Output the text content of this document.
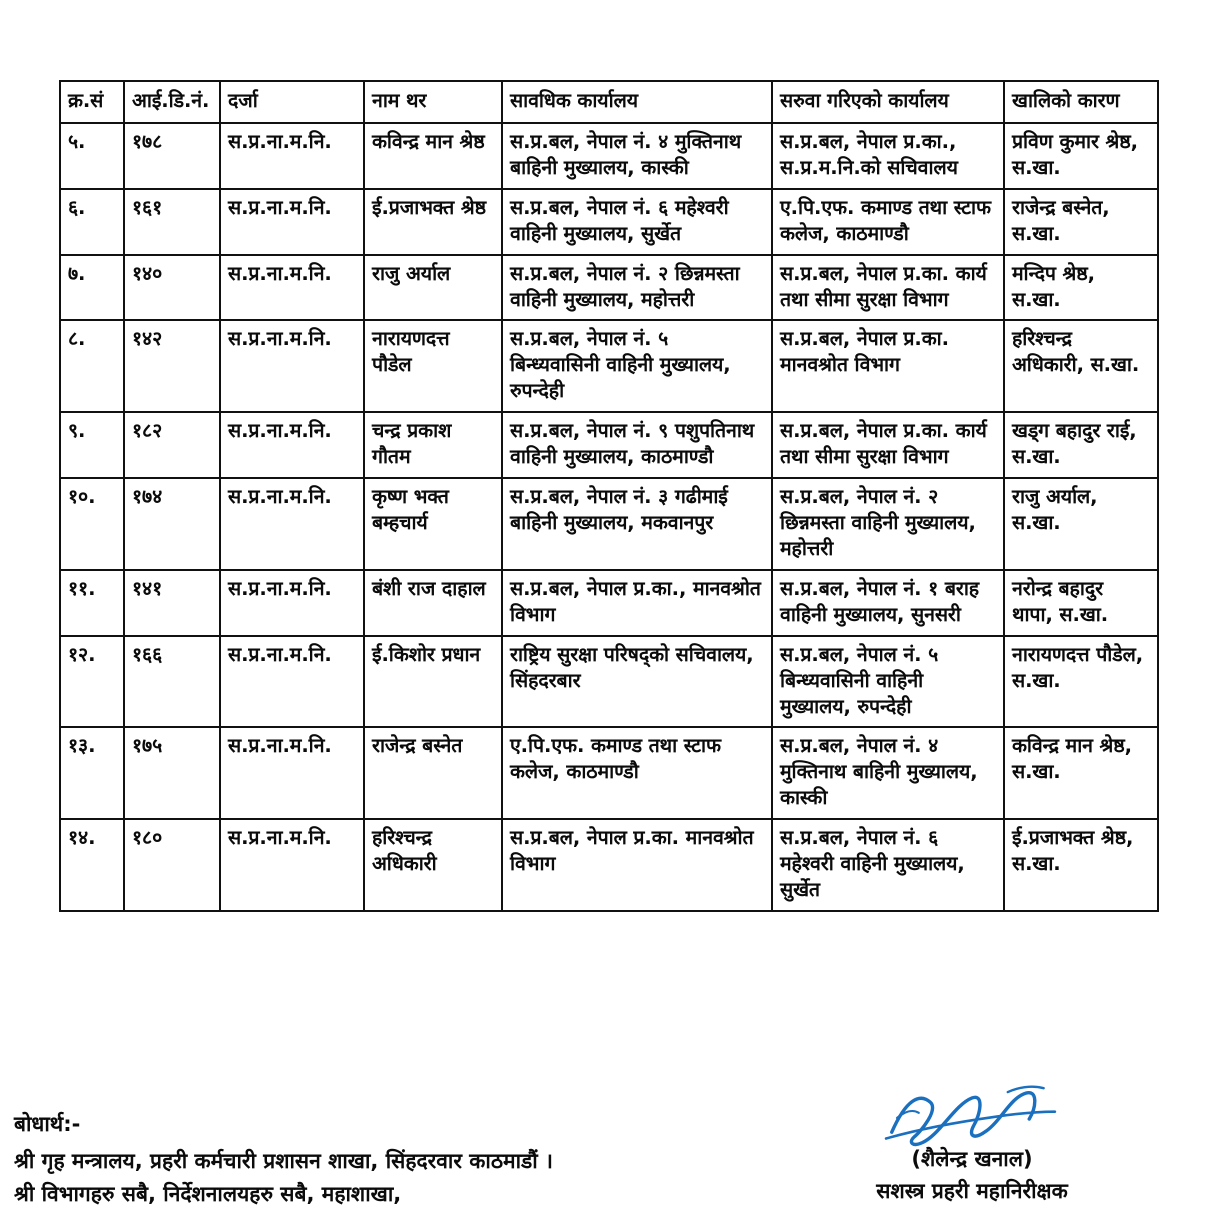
क्र.सं	आई.डि.नं.	दर्जा	नाम थर	सावधिक कार्यालय	सरुवा गरिएको कार्यालय	खालिको कारण
५.	१७८	स.प्र.ना.म.नि.	कविन्द्र मान श्रेष्ठ	स.प्र.बल, नेपाल नं. ४ मुक्तिनाथ बाहिनी मुख्यालय, कास्की	स.प्र.बल, नेपाल प्र.का., स.प्र.म.नि.को सचिवालय	प्रविण कुमार श्रेष्ठ, स.खा.
६.	१६१	स.प्र.ना.म.नि.	ई.प्रजाभक्त श्रेष्ठ	स.प्र.बल, नेपाल नं. ६ महेश्वरी वाहिनी मुख्यालय, सुर्खेत	ए.पि.एफ. कमाण्ड तथा स्टाफ कलेज, काठमाण्डौ	राजेन्द्र बस्नेत, स.खा.
७.	१४०	स.प्र.ना.म.नि.	राजु अर्याल	स.प्र.बल, नेपाल नं. २ छिन्नमस्ता वाहिनी मुख्यालय, महोत्तरी	स.प्र.बल, नेपाल प्र.का. कार्य तथा सीमा सुरक्षा विभाग	मन्दिप श्रेष्ठ, स.खा.
८.	१४२	स.प्र.ना.म.नि.	नारायणदत्त पौडेल	स.प्र.बल, नेपाल नं. ५ बिन्ध्यवासिनी वाहिनी मुख्यालय, रुपन्देही	स.प्र.बल, नेपाल प्र.का. मानवश्रोत विभाग	हरिश्चन्द्र अधिकारी, स.खा.
९.	१८२	स.प्र.ना.म.नि.	चन्द्र प्रकाश गौतम	स.प्र.बल, नेपाल नं. ९ पशुपतिनाथ वाहिनी मुख्यालय, काठमाण्डौ	स.प्र.बल, नेपाल प्र.का. कार्य तथा सीमा सुरक्षा विभाग	खड्ग बहादुर राई, स.खा.
१०.	१७४	स.प्र.ना.म.नि.	कृष्ण भक्त बम्हचार्य	स.प्र.बल, नेपाल नं. ३ गढीमाई बाहिनी मुख्यालय, मकवानपुर	स.प्र.बल, नेपाल नं. २ छिन्नमस्ता वाहिनी मुख्यालय, महोत्तरी	राजु अर्याल, स.खा.
११.	१४१	स.प्र.ना.म.नि.	बंशी राज दाहाल	स.प्र.बल, नेपाल प्र.का., मानवश्रोत विभाग	स.प्र.बल, नेपाल नं. १ बराह वाहिनी मुख्यालय, सुनसरी	नरोन्द्र बहादुर थापा, स.खा.
१२.	१६६	स.प्र.ना.म.नि.	ई.किशोर प्रधान	राष्ट्रिय सुरक्षा परिषद्को सचिवालय, सिंहदरबार	स.प्र.बल, नेपाल नं. ५ बिन्ध्यवासिनी वाहिनी मुख्यालय, रुपन्देही	नारायणदत्त पौडेल, स.खा.
१३.	१७५	स.प्र.ना.म.नि.	राजेन्द्र बस्नेत	ए.पि.एफ. कमाण्ड तथा स्टाफ कलेज, काठमाण्डौ	स.प्र.बल, नेपाल नं. ४ मुक्तिनाथ बाहिनी मुख्यालय, कास्की	कविन्द्र मान श्रेष्ठ, स.खा.
१४.	१८०	स.प्र.ना.म.नि.	हरिश्चन्द्र अधिकारी	स.प्र.बल, नेपाल प्र.का. मानवश्रोत विभाग	स.प्र.बल, नेपाल नं. ६ महेश्वरी वाहिनी मुख्यालय, सुर्खेत	ई.प्रजाभक्त श्रेष्ठ, स.खा.
बोधार्थ:-
श्री गृह मन्त्रालय, प्रहरी कर्मचारी प्रशासन शाखा, सिंहदरवार काठमाडौं ।
श्री विभागहरु सबै, निर्देशनालयहरु सबै, महाशाखा,
(शैलेन्द्र खनाल)
सशस्त्र प्रहरी महानिरीक्षक
